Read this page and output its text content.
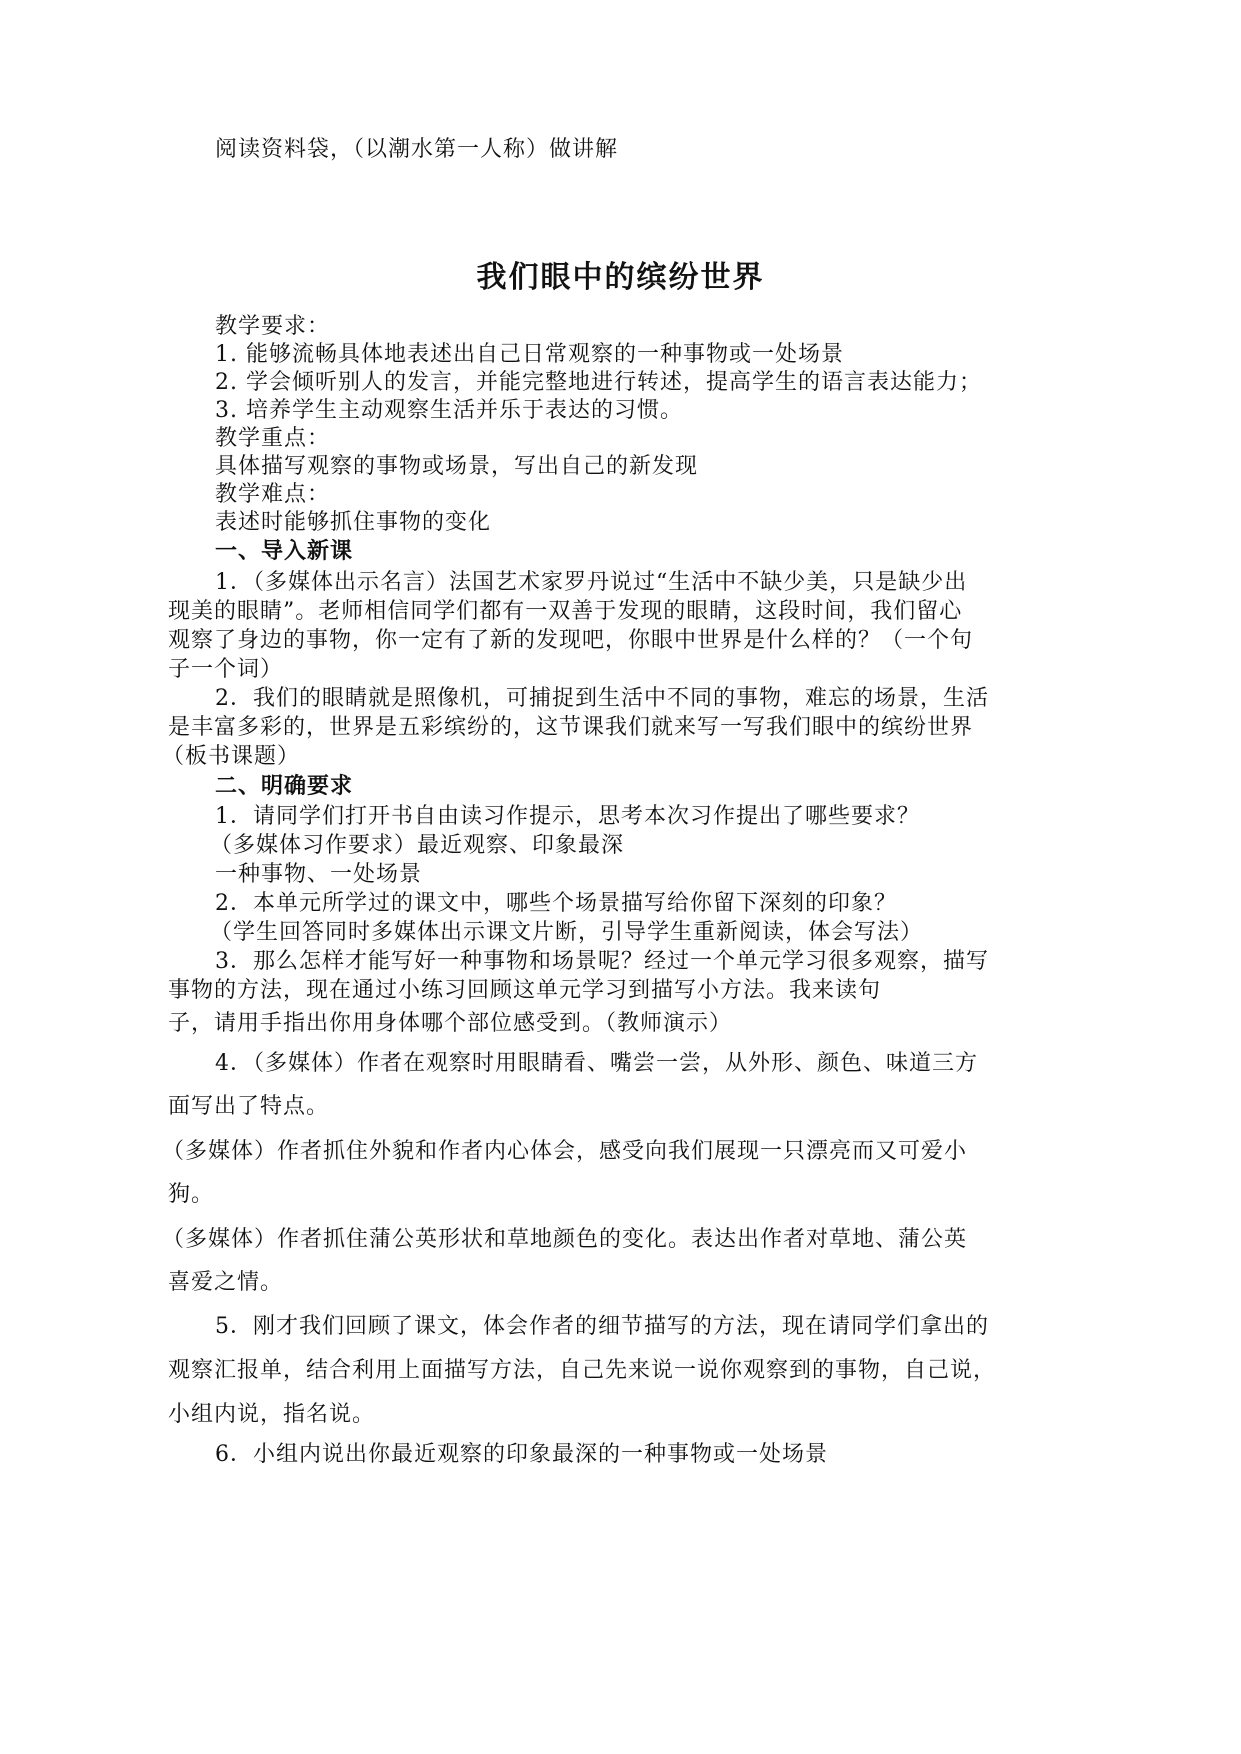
阅读资料袋，（以潮水第一人称）做讲解
我们眼中的缤纷世界
教学要求：
1. 能够流畅具体地表述出自己日常观察的一种事物或一处场景
2. 学会倾听别人的发言，并能完整地进行转述，提高学生的语言表达能力；
3. 培养学生主动观察生活并乐于表达的习惯。
教学重点：
具体描写观察的事物或场景，写出自己的新发现
教学难点：
表述时能够抓住事物的变化
一、导入新课
1．（多媒体出示名言）法国艺术家罗丹说过“生活中不缺少美，只是缺少出
现美的眼睛”。老师相信同学们都有一双善于发现的眼睛，这段时间，我们留心
观察了身边的事物，你一定有了新的发现吧，你眼中世界是什么样的？（一个句
子一个词）
2．我们的眼睛就是照像机，可捕捉到生活中不同的事物，难忘的场景，生活
是丰富多彩的，世界是五彩缤纷的，这节课我们就来写一写我们眼中的缤纷世界
（板书课题）
二、明确要求
1．请同学们打开书自由读习作提示，思考本次习作提出了哪些要求？
（多媒体习作要求）最近观察、印象最深
一种事物、一处场景
2．本单元所学过的课文中，哪些个场景描写给你留下深刻的印象？
（学生回答同时多媒体出示课文片断，引导学生重新阅读，体会写法）
3．那么怎样才能写好一种事物和场景呢？经过一个单元学习很多观察，描写
事物的方法，现在通过小练习回顾这单元学习到描写小方法。我来读句
子，请用手指出你用身体哪个部位感受到。（教师演示）
4．（多媒体）作者在观察时用眼睛看、嘴尝一尝，从外形、颜色、味道三方
面写出了特点。
（多媒体）作者抓住外貌和作者内心体会，感受向我们展现一只漂亮而又可爱小
狗。
（多媒体）作者抓住蒲公英形状和草地颜色的变化。表达出作者对草地、蒲公英
喜爱之情。
5．刚才我们回顾了课文，体会作者的细节描写的方法，现在请同学们拿出的
观察汇报单，结合利用上面描写方法，自己先来说一说你观察到的事物，自己说，
小组内说，指名说。
6．小组内说出你最近观察的印象最深的一种事物或一处场景
